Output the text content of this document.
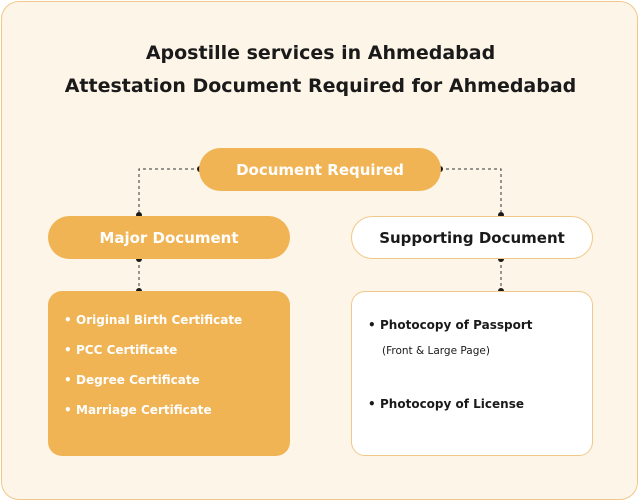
Apostille services in Ahmedabad
Attestation Document Required for Ahmedabad
Document Required
Major Document	Supporting Document
• Original Birth Certificate
• PCC Certificate
• Degree Certificate
• Marriage Certificate
• Photocopy of Passport
(Front & Large Page)
• Photocopy of License
